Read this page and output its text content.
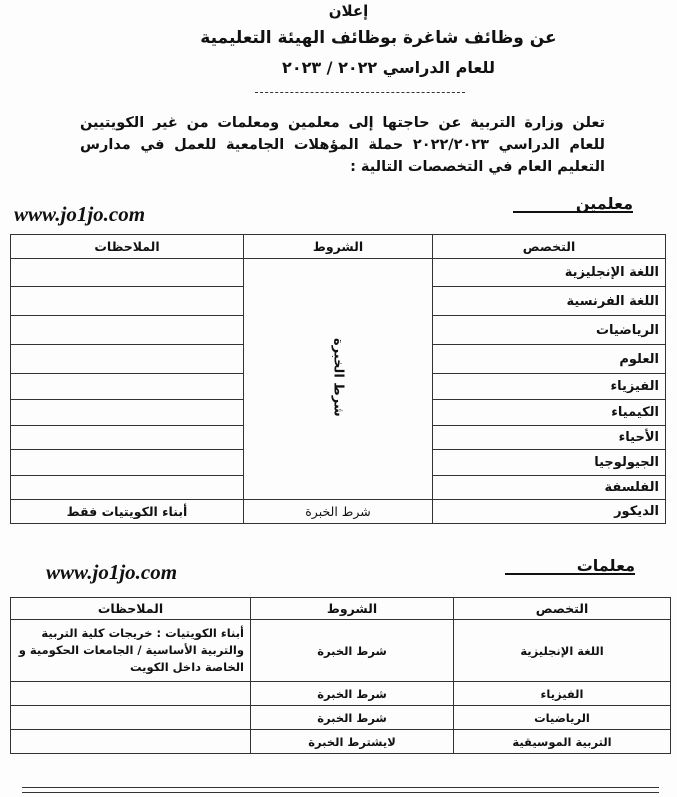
إعلان
عن وظائف شاغرة بوظائف الهيئة التعليمية
للعام الدراسي ٢٠٢٢ / ٢٠٢٣
تعلن وزارة التربية عن حاجتها إلى معلمين ومعلمات من غير الكويتيين للعام الدراسي ٢٠٢٢/٢٠٢٣ حملة المؤهلات الجامعية للعمل في مدارس التعليم العام في التخصصات التالية :
www.jo1jo.com	معلمين
التخصص	الشروط	الملاحظات
اللغة الإنجليزية	شرط الخبرة	
اللغة الفرنسية		
الرياضيات		
العلوم		
الفيزياء		
الكيمياء		
الأحياء		
الجيولوجيا		
الفلسفة		
الديكور	شرط الخبرة	أبناء الكويتيات فقط
www.jo1jo.com	معلمات
التخصص	الشروط	الملاحظات
اللغة الإنجليزية	شرط الخبرة	أبناء الكويتيات : خريجات كلية التربية والتربية الأساسية / الجامعات الحكومية و الخاصة داخل الكويت
الفيزياء	شرط الخبرة	
الرياضيات	شرط الخبرة	
التربية الموسيقية	لايشترط الخبرة	
